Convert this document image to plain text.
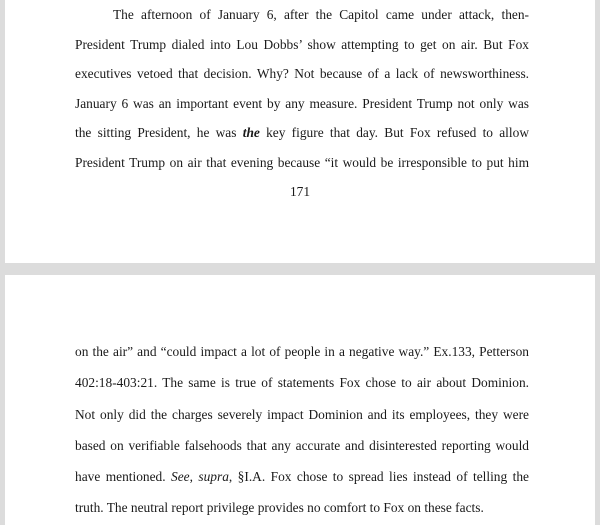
The afternoon of January 6, after the Capitol came under attack, then-
President Trump dialed into Lou Dobbs’ show attempting to get on air. But Fox
executives vetoed that decision. Why? Not because of a lack of newsworthiness.
January 6 was an important event by any measure. President Trump not only was
the sitting President, he was the key figure that day. But Fox refused to allow
President Trump on air that evening because “it would be irresponsible to put him
171
on the air” and “could impact a lot of people in a negative way.” Ex.133, Petterson
402:18-403:21. The same is true of statements Fox chose to air about Dominion.
Not only did the charges severely impact Dominion and its employees, they were
based on verifiable falsehoods that any accurate and disinterested reporting would
have mentioned. See, supra, §I.A. Fox chose to spread lies instead of telling the
truth. The neutral report privilege provides no comfort to Fox on these facts.
